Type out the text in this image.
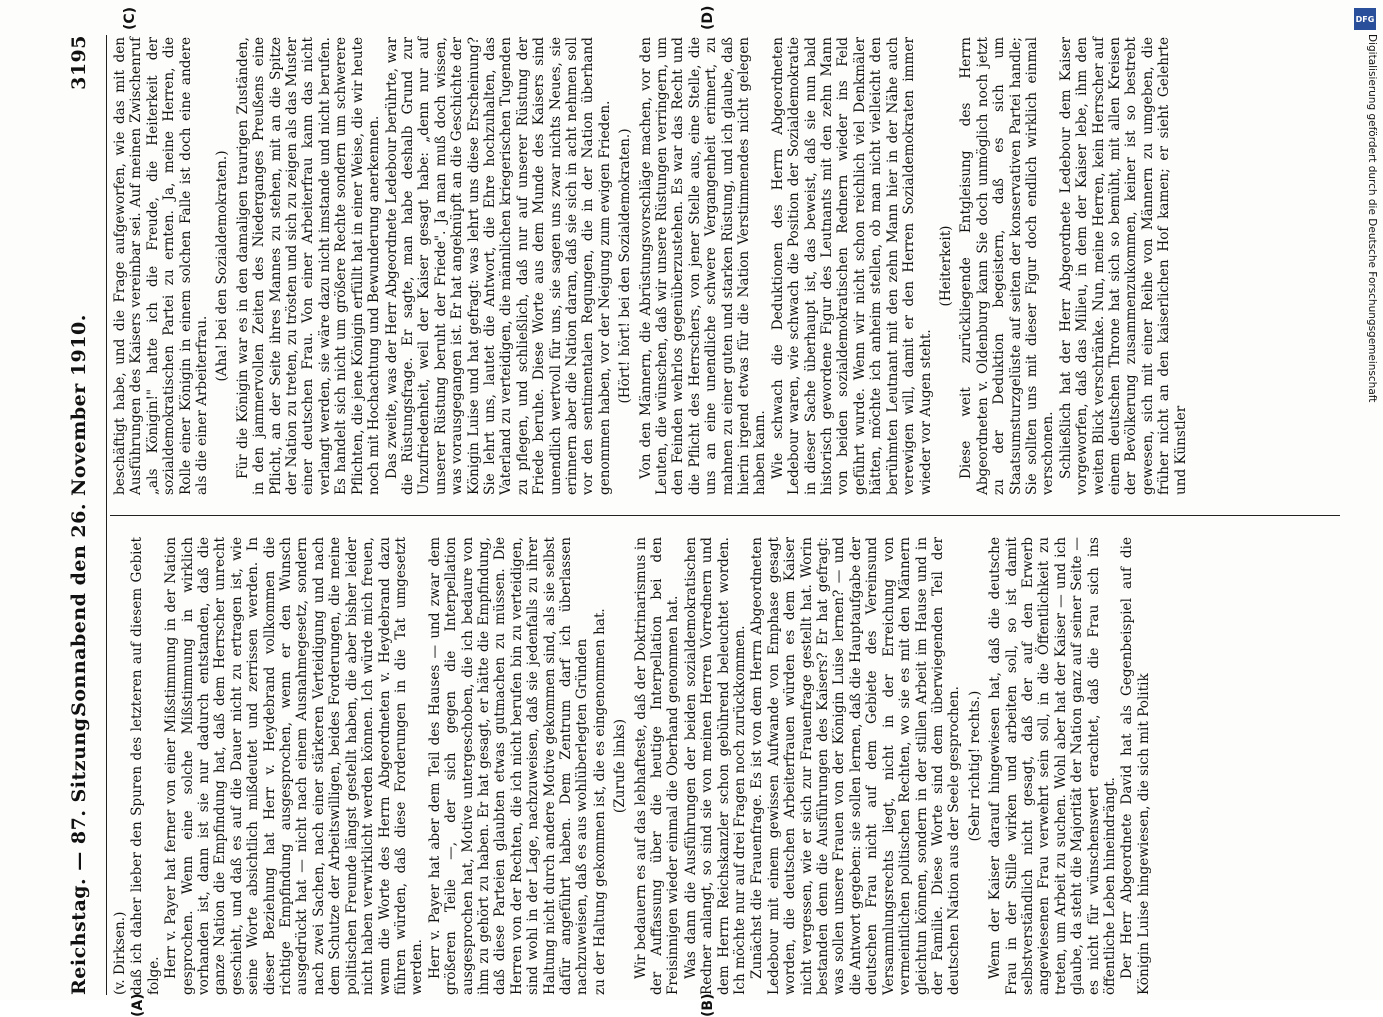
Reichstag. — 87. Sitzung.
Sonnabend den 26. November 1910.
3195
(A)	(B)
(C)	(D)

(v. Dirksen.) daß ich daher lieber den Spuren des letzteren auf diesem Gebiet folge. Herr v. Payer hat ferner von einer Mißstimmung in der Nation gesprochen. Wenn eine solche Mißstimmung in wirklich vorhanden ist, dann ist sie nur dadurch entstanden, daß die ganze Nation die Empfindung hat, daß dem Herrscher unrecht geschieht, und daß es auf die Dauer nicht zu ertragen ist, wie seine Worte absichtlich mißdeutet und zerrissen werden. In dieser Beziehung hat Herr v. Heydebrand vollkommen die richtige Empfindung ausgesprochen, wenn er den Wunsch ausgedrückt hat — nicht nach einem Ausnahmegesetz, sondern nach zwei Sachen, nach einer stärkeren Verteidigung und nach dem Schutze der Arbeitswilligen, beides Forderungen, die meine politischen Freunde längst gestellt haben, die aber bisher leider nicht haben verwirklicht werden können. Ich würde mich freuen, wenn die Worte des Herrn Abgeordneten v. Heydebrand dazu führen würden, daß diese Forderungen in die Tat umgesetzt werden. Herr v. Payer hat aber dem Teil des Hauses — und zwar dem größeren Teile —, der sich gegen die Interpellation ausgesprochen hat, Motive untergeschoben, die ich bedaure von ihm zu gehört zu haben. Er hat gesagt, er hätte die Empfindung, daß diese Parteien glaubten etwas gutmachen zu müssen. Die Herren von der Rechten, die ich nicht berufen bin zu verteidigen, sind wohl in der Lage, nachzuweisen, daß sie jedenfalls zu ihrer Haltung nicht durch andere Motive gekommen sind, als sie selbst dafür angeführt haben. Dem Zentrum darf ich überlassen nachzuweisen, daß es aus wohlüberlegten Gründen zu der Haltung gekommen ist, die es eingenommen hat. (Zurufe links) Wir bedauern es auf das lebhafteste, daß der Doktrinarismus in der Auffassung über die heutige Interpellation bei den Freisinnigen wieder einmal die Oberhand genommen hat. Was dann die Ausführungen der beiden sozialdemokratischen Redner anlangt, so sind sie von meinen Herren Vorrednern und dem Herrn Reichskanzler schon gebührend beleuchtet worden. Ich möchte nur auf drei Fragen noch zurückkommen. Zunächst die Frauenfrage. Es ist von dem Herrn Abgeordneten Ledebour mit einem gewissen Aufwande von Emphase gesagt worden, die deutschen Arbeiterfrauen würden es dem Kaiser nicht vergessen, wie er sich zur Frauenfrage gestellt hat. Worin bestanden denn die Ausführungen des Kaisers? Er hat gefragt: was sollen unsere Frauen von der Königin Luise lernen? — und die Antwort gegeben: sie sollen lernen, daß die Hauptaufgabe der deutschen Frau nicht auf dem Gebiete des Vereinsund Versammlungsrechts liegt, nicht in der Erreichung von vermeintlichen politischen Rechten, wo sie es mit den Männern gleichtun können, sondern in der stillen Arbeit im Hause und in der Familie. Diese Worte sind dem überwiegenden Teil der deutschen Nation aus der Seele gesprochen. (Sehr richtig! rechts.) Wenn der Kaiser darauf hingewiesen hat, daß die deutsche Frau in der Stille wirken und arbeiten soll, so ist damit selbstverständlich nicht gesagt, daß der auf den Erwerb angewiesenen Frau verwehrt sein soll, in die Öffentlichkeit zu treten, um Arbeit zu suchen. Wohl aber hat der Kaiser — und ich glaube, da steht die Majorität der Nation ganz auf seiner Seite — es nicht für wünschenswert erachtet, daß die Frau sich ins öffentliche Leben hineindrängt. Der Herr Abgeordnete David hat als Gegenbeispiel auf die Königin Luise hingewiesen, die sich mit Politik

beschäftigt habe, und die Frage aufgeworfen, wie das mit den Ausführungen des Kaisers vereinbar sei. Auf meinen Zwischenruf „als Königin!" hatte ich die Freude, die Heiterkeit der sozialdemokratischen Partei zu ernten. Ja, meine Herren, die Rolle einer Königin in einem solchen Falle ist doch eine andere als die einer Arbeiterfrau.

(Aha! bei den Sozialdemokraten.) Für die Königin war es in den damaligen traurigen Zuständen, in den jammervollen Zeiten des Niederganges Preußens eine Pflicht, an der Seite ihres Mannes zu stehen, mit an die Spitze der Nation zu treten, zu trösten und sich zu zeigen als das Muster einer deutschen Frau. Von einer Arbeiterfrau kann das nicht verlangt werden, sie wäre dazu nicht imstande und nicht berufen. Es handelt sich nicht um größere Rechte sondern um schwerere Pflichten, die jene Königin erfüllt hat in einer Weise, die wir heute noch mit Hochachtung und Bewunderung anerkennen. Das zweite, was der Herr Abgeordnete Ledebour berührte, war die Rüstungsfrage. Er sagte, man habe deshalb Grund zur Unzufriedenheit, weil der Kaiser gesagt habe: „denn nur auf unserer Rüstung beruht der Friede". Ja man muß doch wissen, was vorausgegangen ist. Er hat angeknüpft an die Geschichte der Königin Luise und hat gefragt: was lehrt uns diese Erscheinung? Sie lehrt uns, lautet die Antwort, die Ehre hochzuhalten, das Vaterland zu verteidigen, die männlichen kriegerischen Tugenden zu pflegen, und schließlich, daß nur auf unserer Rüstung der Friede beruhe. Diese Worte aus dem Munde des Kaisers sind unendlich wertvoll für uns, sie sagen uns zwar nichts Neues, sie erinnern aber die Nation daran, daß sie sich in acht nehmen soll vor den sentimentalen Regungen, die in der Nation überhand genommen haben, vor der Neigung zum ewigen Frieden. (Hört! hört! bei den Sozialdemokraten.) Von den Männern, die Abrüstungsvorschläge machen, vor den Leuten, die wünschen, daß wir unsere Rüstungen verringern, um den Feinden wehrlos gegenüberzustehen. Es war das Recht und die Pflicht des Herrschers, von jener Stelle aus, eine Stelle, die uns an eine unendliche schwere Vergangenheit erinnert, zu mahnen zu einer guten und starken Rüstung, und ich glaube, daß hierin irgend etwas für die Nation Verstimmendes nicht gelegen haben kann. Wie schwach die Deduktionen des Herrn Abgeordneten Ledebour waren, wie schwach die Position der Sozialdemokratie in dieser Sache überhaupt ist, das beweist, daß sie nun bald historisch gewordene Figur des Leutnants mit den zehn Mann von beiden sozialdemokratischen Rednern wieder ins Feld geführt wurde. Wenn wir nicht schon reichlich viel Denkmäler hätten, möchte ich anheim stellen, ob man nicht vielleicht den berühmten Leutnant mit den zehn Mann hier in der Nähe auch verewigen will, damit er den Herren Sozialdemokraten immer wieder vor Augen steht.

(Heiterkeit) Diese weit zurückliegende Entgleisung des Herrn Abgeordneten v. Oldenburg kann Sie doch unmöglich noch jetzt zu der Deduktion begeistern, daß es sich um Staatsumsturzgelüste auf seiten der konservativen Partei handle; Sie sollten uns mit dieser Figur doch endlich wirklich einmal verschonen. Schließlich hat der Herr Abgeordnete Ledebour dem Kaiser vorgeworfen, daß das Milieu, in dem der Kaiser lebe, ihm den weiten Blick verschränke. Nun, meine Herren, kein Herrscher auf einem deutschen Throne hat sich so bemüht, mit allen Kreisen der Bevölkerung zusammenzukommen, keiner ist so bestrebt gewesen, sich mit einer Reihe von Männern zu umgeben, die früher nicht an den kaiserlichen Hof kamen; er sieht Gelehrte und Künstler

DFG
Digitalisierung gefördert durch die Deutsche Forschungsgemeinschaft
